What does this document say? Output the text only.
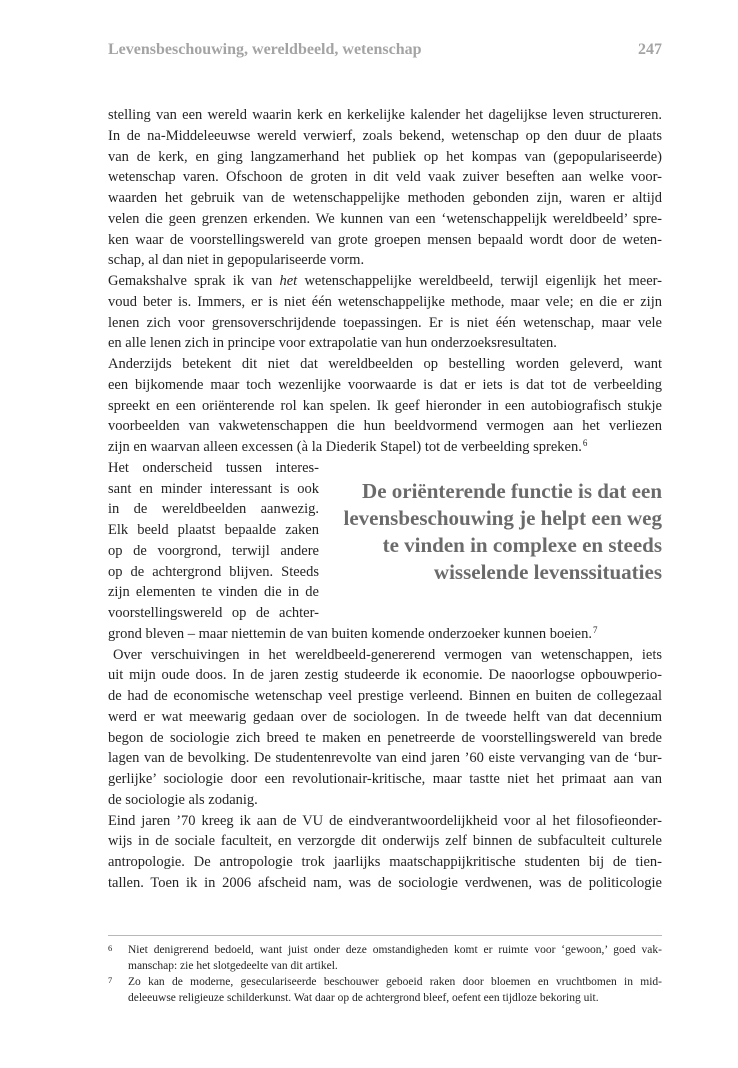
Levensbeschouwing, wereldbeeld, wetenschap	247
stelling van een wereld waarin kerk en kerkelijke kalender het dagelijkse leven structureren.
In de na-Middeleeuwse wereld verwierf, zoals bekend, wetenschap op den duur de plaats
van de kerk, en ging langzamerhand het publiek op het kompas van (gepopulariseerde)
wetenschap varen. Ofschoon de groten in dit veld vaak zuiver beseften aan welke voor-
waarden het gebruik van de wetenschappelijke methoden gebonden zijn, waren er altijd
velen die geen grenzen erkenden. We kunnen van een ‘wetenschappelijk wereldbeeld’ spre-
ken waar de voorstellingswereld van grote groepen mensen bepaald wordt door de weten-
schap, al dan niet in gepopulariseerde vorm.
Gemakshalve sprak ik van het wetenschappelijke wereldbeeld, terwijl eigenlijk het meer-
voud beter is. Immers, er is niet één wetenschappelijke methode, maar vele; en die er zijn
lenen zich voor grensoverschrijdende toepassingen. Er is niet één wetenschap, maar vele
en alle lenen zich in principe voor extrapolatie van hun onderzoeksresultaten.
Anderzijds betekent dit niet dat wereldbeelden op bestelling worden geleverd, want
een bijkomende maar toch wezenlijke voorwaarde is dat er iets is dat tot de verbeelding
spreekt en een oriënterende rol kan spelen. Ik geef hieronder in een autobiografisch stukje
voorbeelden van vakwetenschappen die hun beeldvormend vermogen aan het verliezen
zijn en waarvan alleen excessen (à la Diederik Stapel) tot de verbeelding spreken.$^6$
Het onderscheid tussen interes-
sant en minder interessant is ook
in de wereldbeelden aanwezig.
Elk beeld plaatst bepaalde zaken
op de voorgrond, terwijl andere
op de achtergrond blijven. Steeds
zijn elementen te vinden die in de
voorstellingswereld op de achter-
De oriënterende functie is dat een
levensbeschouwing je helpt een weg
te vinden in complexe en steeds
wisselende levenssituaties
grond bleven – maar niettemin de van buiten komende onderzoeker kunnen boeien.$^7$
Over verschuivingen in het wereldbeeld-genererend vermogen van wetenschappen, iets
uit mijn oude doos. In de jaren zestig studeerde ik economie. De naoorlogse opbouwperio-
de had de economische wetenschap veel prestige verleend. Binnen en buiten de collegezaal
werd er wat meewarig gedaan over de sociologen. In de tweede helft van dat decennium
begon de sociologie zich breed te maken en penetreerde de voorstellingswereld van brede
lagen van de bevolking. De studentenrevolte van eind jaren ’60 eiste vervanging van de ‘bur-
gerlijke’ sociologie door een revolutionair-kritische, maar tastte niet het primaat aan van
de sociologie als zodanig.
Eind jaren ’70 kreeg ik aan de VU de eindverantwoordelijkheid voor al het filosofieonder-
wijs in de sociale faculteit, en verzorgde dit onderwijs zelf binnen de subfaculteit culturele
antropologie. De antropologie trok jaarlijks maatschappijkritische studenten bij de tien-
tallen. Toen ik in 2006 afscheid nam, was de sociologie verdwenen, was de politicologie
6	Niet denigrerend bedoeld, want juist onder deze omstandigheden komt er ruimte voor ‘gewoon,’ goed vak-
manschap: zie het slotgedeelte van dit artikel.
7	Zo kan de moderne, geseculariseerde beschouwer geboeid raken door bloemen en vruchtbomen in mid-
deleeuwse religieuze schilderkunst. Wat daar op de achtergrond bleef, oefent een tijdloze bekoring uit.
